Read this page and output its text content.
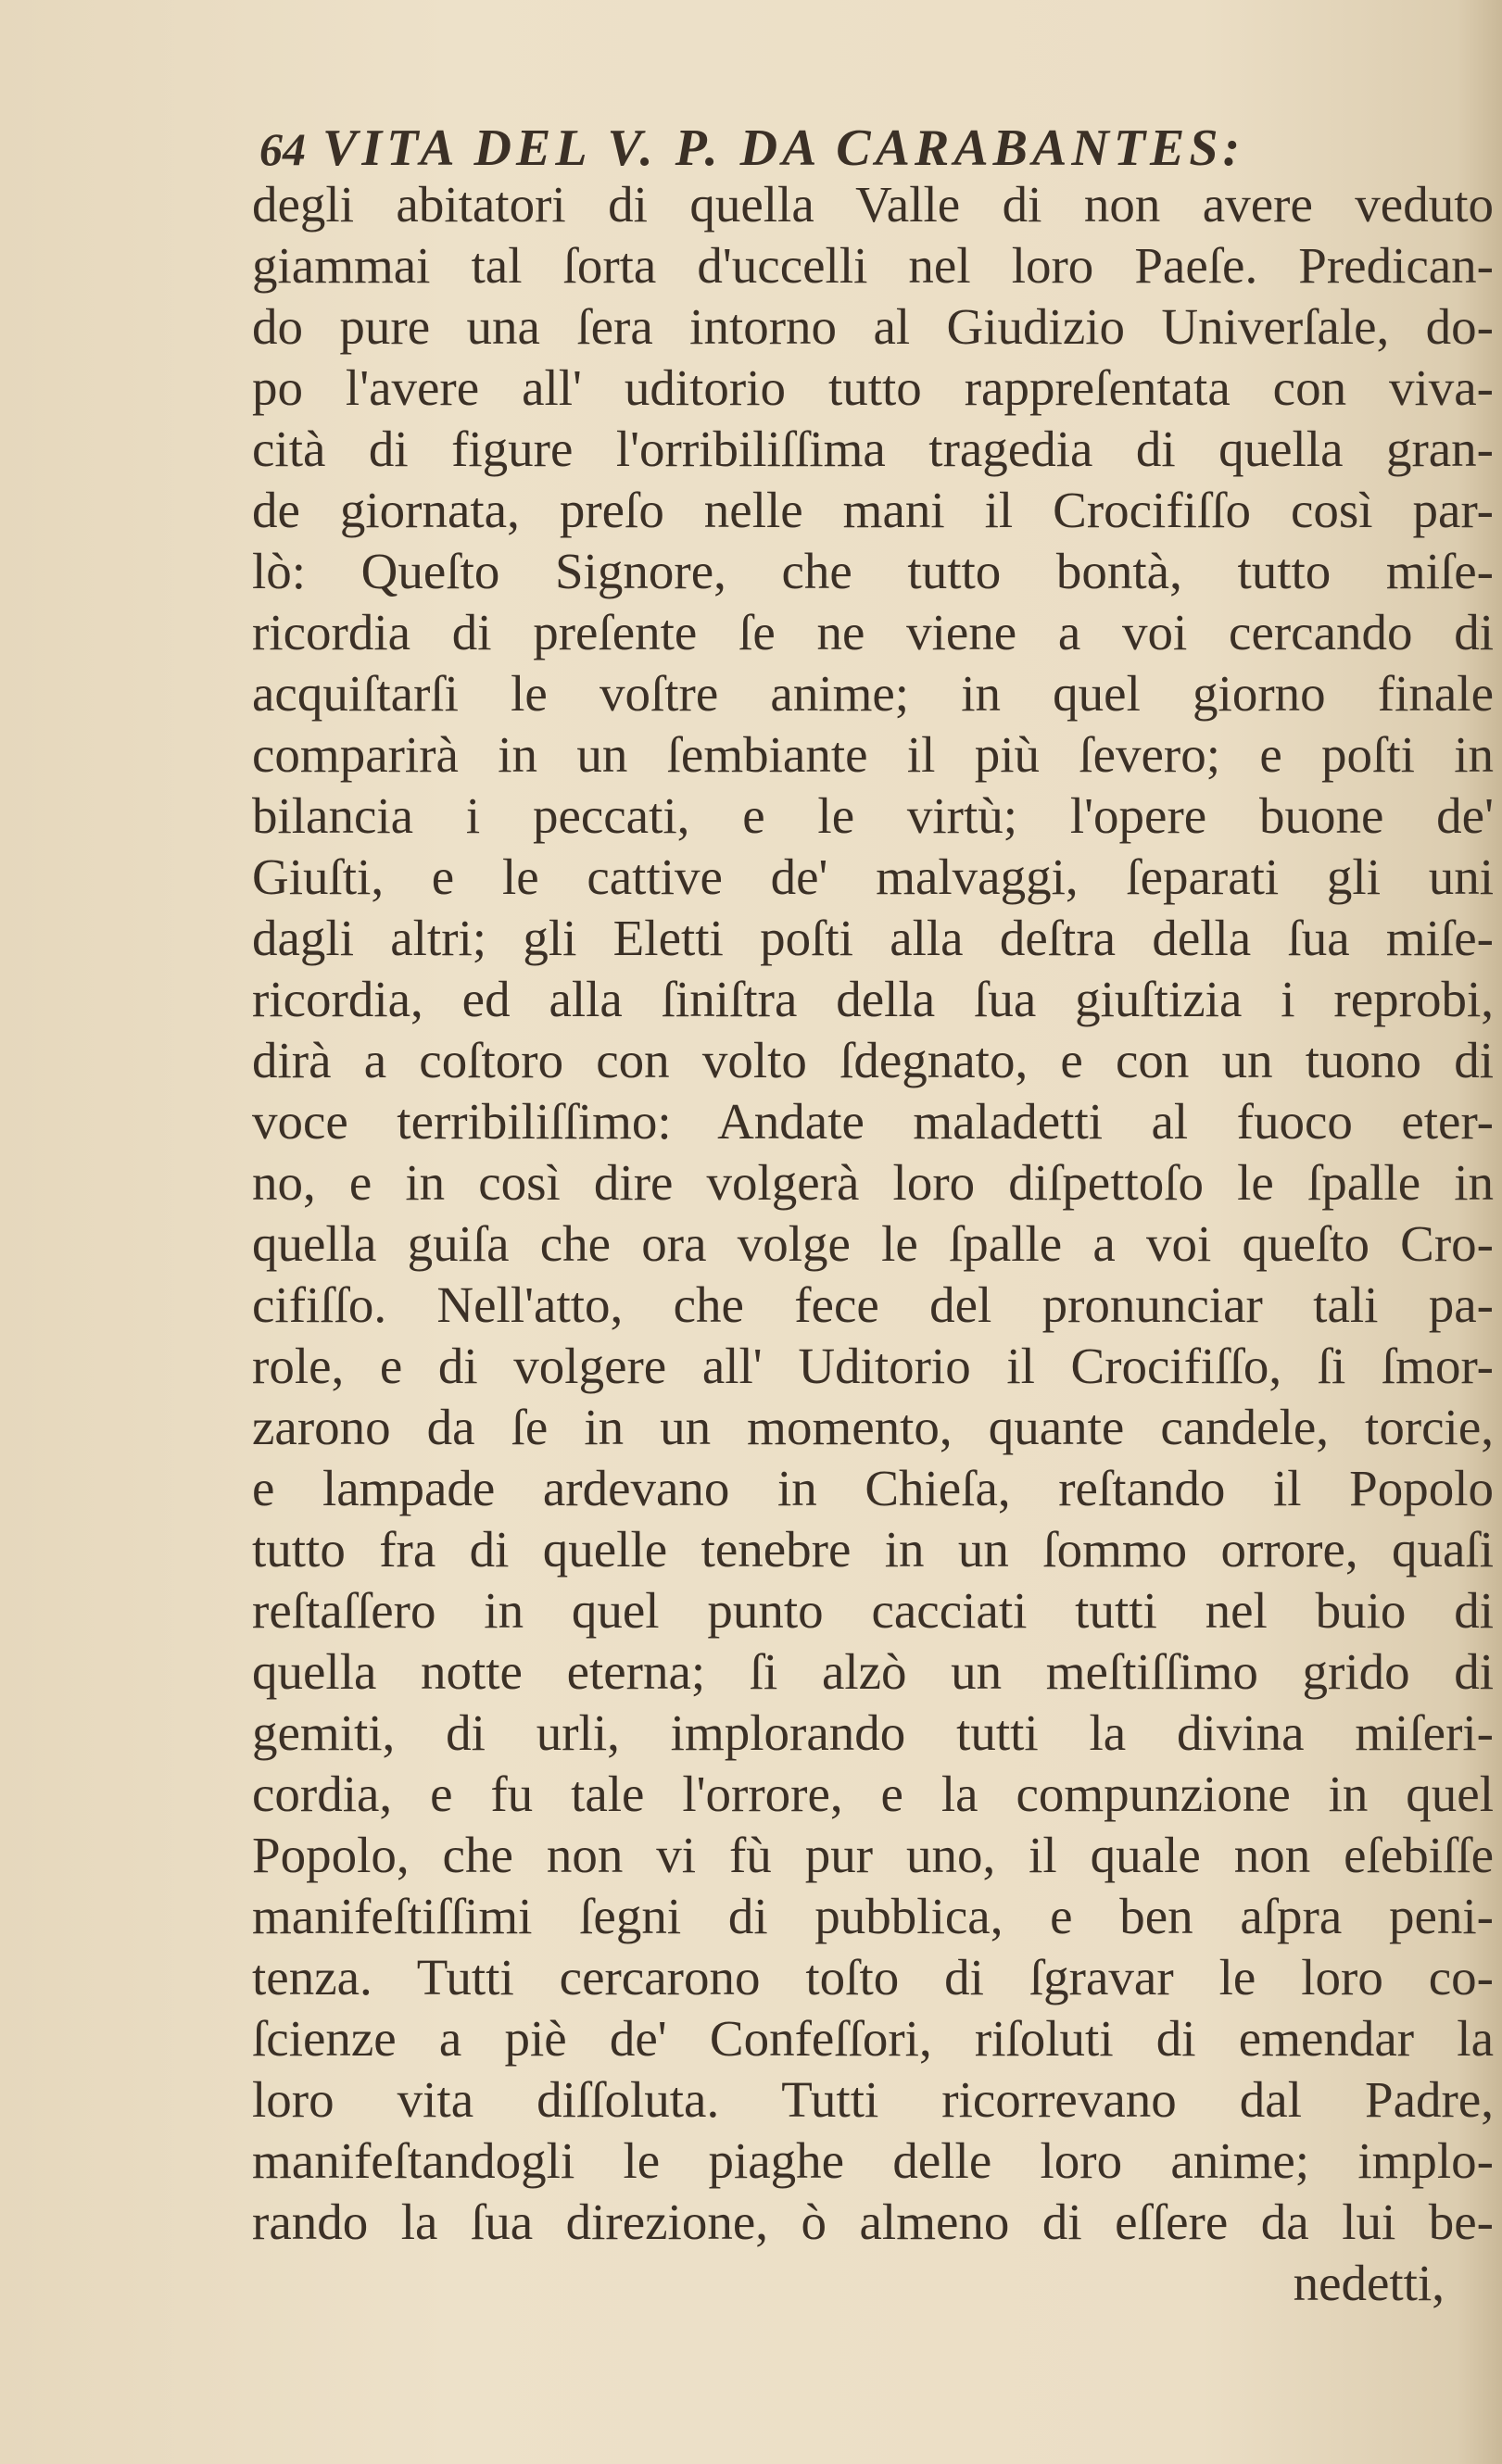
64 VITA DEL V. P. DA CARABANTES:
degli abitatori di quella Valle di non avere veduto
giammai tal ſorta d'uccelli nel loro Paeſe. Predican-
do pure una ſera intorno al Giudizio Univerſale, do-
po l'avere all' uditorio tutto rappreſentata con viva-
cità di figure l'orribiliſſima tragedia di quella gran-
de giornata, preſo nelle mani il Crocifiſſo così par-
lò: Queſto Signore, che tutto bontà, tutto miſe-
ricordia di preſente ſe ne viene a voi cercando di
acquiſtarſi le voſtre anime; in quel giorno finale
comparirà in un ſembiante il più ſevero; e poſti in
bilancia i peccati, e le virtù; l'opere buone de'
Giuſti, e le cattive de' malvaggi, ſeparati gli uni
dagli altri; gli Eletti poſti alla deſtra della ſua miſe-
ricordia, ed alla ſiniſtra della ſua giuſtizia i reprobi,
dirà a coſtoro con volto ſdegnato, e con un tuono di
voce terribiliſſimo: Andate maladetti al fuoco eter-
no, e in così dire volgerà loro diſpettoſo le ſpalle in
quella guiſa che ora volge le ſpalle a voi queſto Cro-
cifiſſo. Nell'atto, che fece del pronunciar tali pa-
role, e di volgere all' Uditorio il Crocifiſſo, ſi ſmor-
zarono da ſe in un momento, quante candele, torcie,
e lampade ardevano in Chieſa, reſtando il Popolo
tutto fra di quelle tenebre in un ſommo orrore, quaſi
reſtaſſero in quel punto cacciati tutti nel buio di
quella notte eterna; ſi alzò un meſtiſſimo grido di
gemiti, di urli, implorando tutti la divina miſeri-
cordia, e fu tale l'orrore, e la compunzione in quel
Popolo, che non vi fù pur uno, il quale non eſebiſſe
manifeſtiſſimi ſegni di pubblica, e ben aſpra peni-
tenza. Tutti cercarono toſto di ſgravar le loro co-
ſcienze a piè de' Confeſſori, riſoluti di emendar la
loro vita diſſoluta. Tutti ricorrevano dal Padre,
manifeſtandogli le piaghe delle loro anime; implo-
rando la ſua direzione, ò almeno di eſſere da lui be-
nedetti,
